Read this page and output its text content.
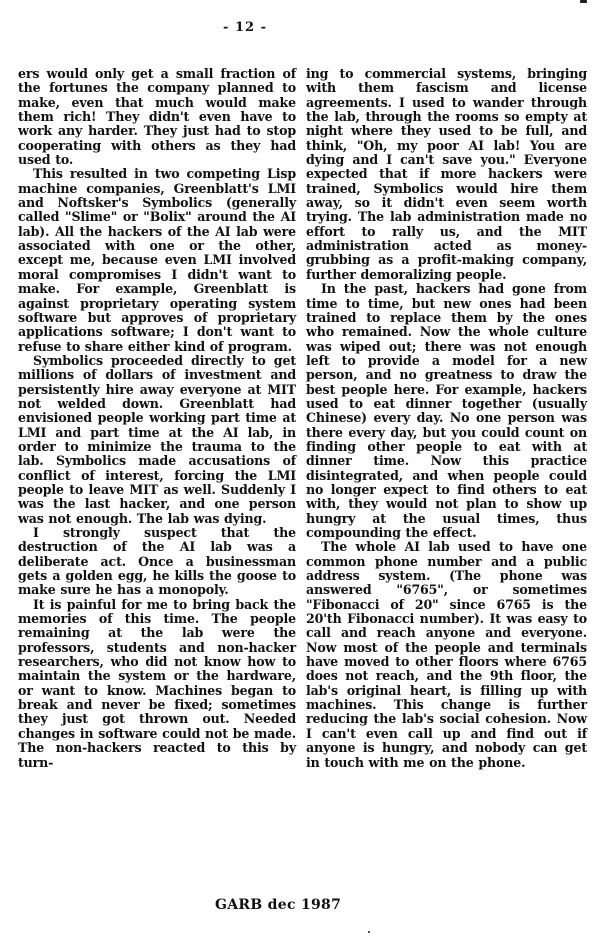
- 12 -

ers would only get a small fraction of the fortunes the company planned to make, even that much would make them rich! They didn't even have to work any harder. They just had to stop cooperating with others as they had used to.

This resulted in two competing Lisp machine companies, Greenblatt's LMI and Noftsker's Symbolics (generally called "Slime" or "Bolix" around the AI lab). All the hackers of the AI lab were associated with one or the other, except me, because even LMI involved moral compromises I didn't want to make. For example, Greenblatt is against proprietary operating system software but approves of proprietary applications software; I don't want to refuse to share either kind of program.

Symbolics proceeded directly to get millions of dollars of investment and persistently hire away everyone at MIT not welded down. Greenblatt had envisioned people working part time at LMI and part time at the AI lab, in order to minimize the trauma to the lab. Symbolics made accusations of conflict of interest, forcing the LMI people to leave MIT as well. Suddenly I was the last hacker, and one person was not enough. The lab was dying.

I strongly suspect that the destruction of the AI lab was a deliberate act. Once a businessman gets a golden egg, he kills the goose to make sure he has a monopoly.

It is painful for me to bring back the memories of this time. The people remaining at the lab were the professors, students and non-hacker researchers, who did not know how to maintain the system or the hardware, or want to know. Machines began to break and never be fixed; sometimes they just got thrown out. Needed changes in software could not be made. The non-hackers reacted to this by turn-

ing to commercial systems, bringing with them fascism and license agreements. I used to wander through the lab, through the rooms so empty at night where they used to be full, and think, "Oh, my poor AI lab! You are dying and I can't save you." Everyone expected that if more hackers were trained, Symbolics would hire them away, so it didn't even seem worth trying. The lab administration made no effort to rally us, and the MIT administration acted as money-grubbing as a profit-making company, further demoralizing people.

In the past, hackers had gone from time to time, but new ones had been trained to replace them by the ones who remained. Now the whole culture was wiped out; there was not enough left to provide a model for a new person, and no greatness to draw the best people here. For example, hackers used to eat dinner together (usually Chinese) every day. No one person was there every day, but you could count on finding other people to eat with at dinner time. Now this practice disintegrated, and when people could no longer expect to find others to eat with, they would not plan to show up hungry at the usual times, thus compounding the effect.

The whole AI lab used to have one common phone number and a public address system. (The phone was answered "6765", or sometimes "Fibonacci of 20" since 6765 is the 20'th Fibonacci number). It was easy to call and reach anyone and everyone. Now most of the people and terminals have moved to other floors where 6765 does not reach, and the 9th floor, the lab's original heart, is filling up with machines. This change is further reducing the lab's social cohesion. Now I can't even call up and find out if anyone is hungry, and nobody can get in touch with me on the phone.

GARB dec 1987
